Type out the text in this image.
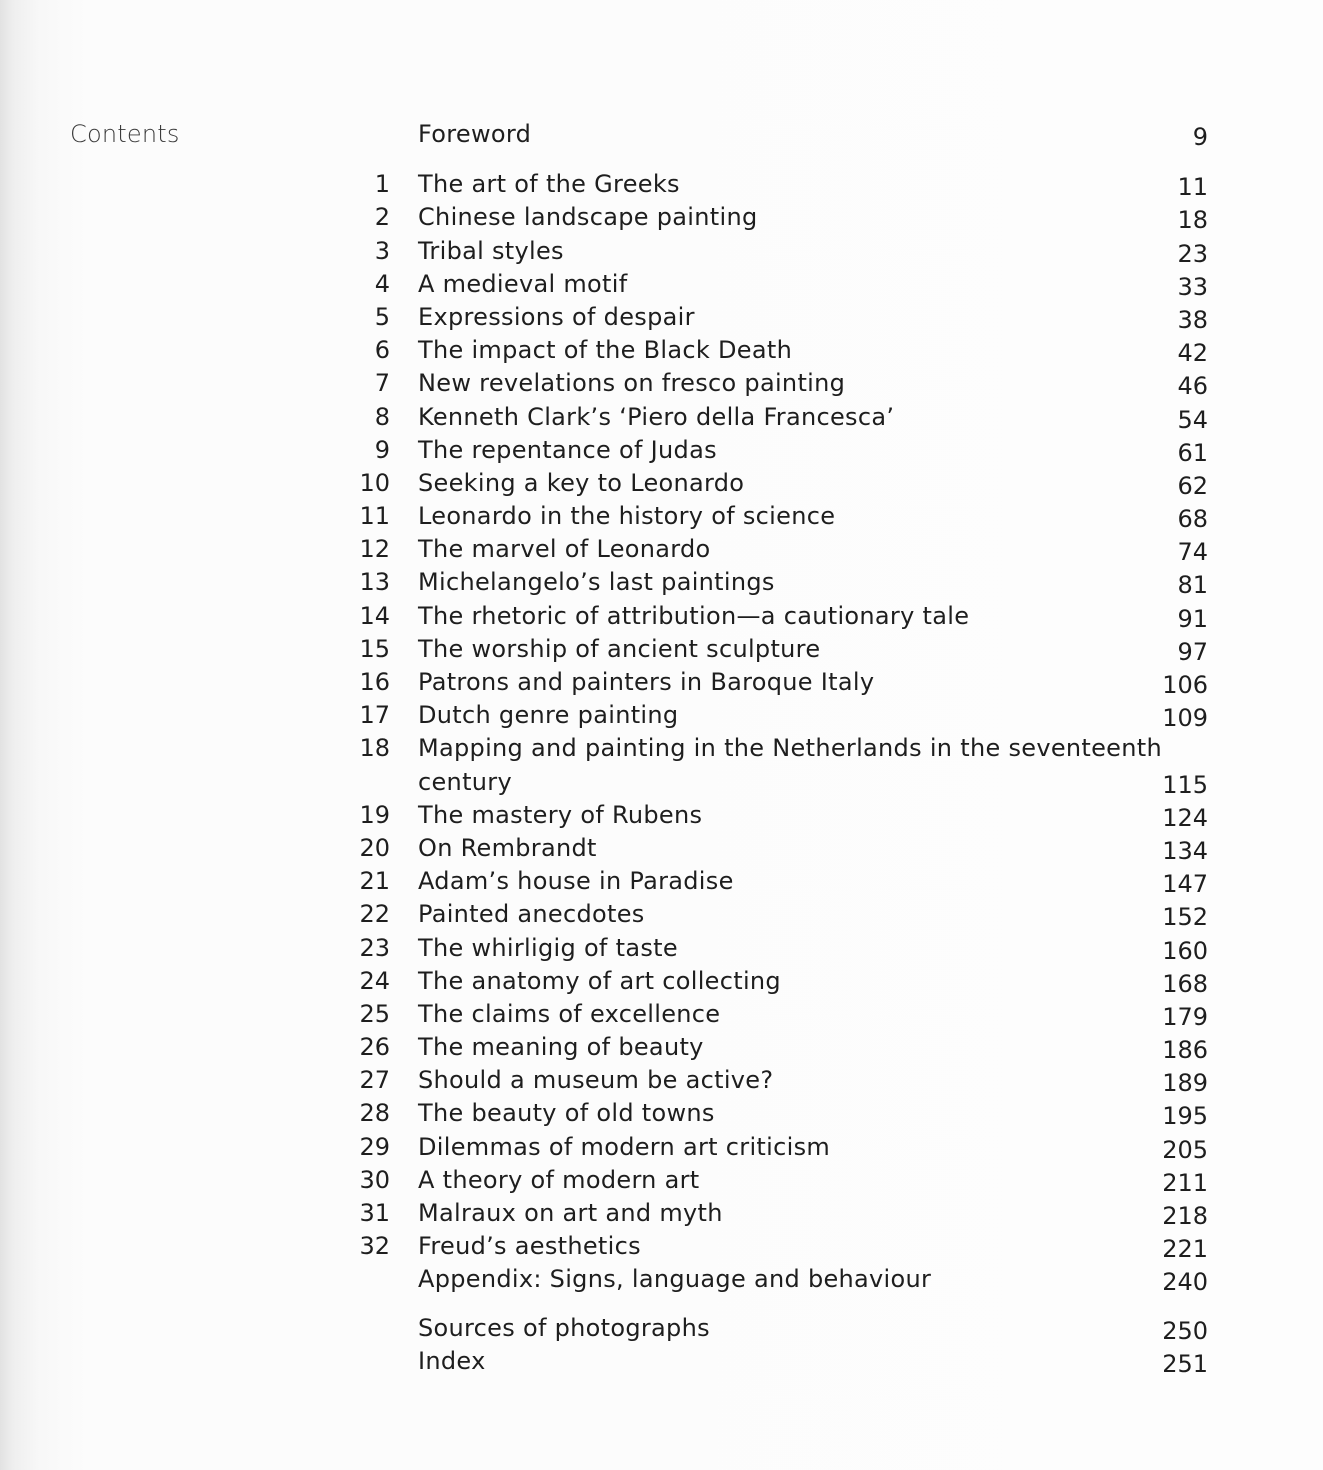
Contents	Foreword	9
1 The art of the Greeks	11
2 Chinese landscape painting	18
3 Tribal styles	23
4 A medieval motif	33
5 Expressions of despair	38
6 The impact of the Black Death	42
7 New revelations on fresco painting	46
8 Kenneth Clark’s ‘Piero della Francesca’	54
9 The repentance of Judas	61
10 Seeking a key to Leonardo	62
11 Leonardo in the history of science	68
12 The marvel of Leonardo	74
13 Michelangelo’s last paintings	81
14 The rhetoric of attribution—a cautionary tale	91
15 The worship of ancient sculpture	97
16 Patrons and painters in Baroque Italy	106
17 Dutch genre painting	109
18 Mapping and painting in the Netherlands in the seventeenth
century	115
19 The mastery of Rubens	124
20 On Rembrandt	134
21 Adam’s house in Paradise	147
22 Painted anecdotes	152
23 The whirligig of taste	160
24 The anatomy of art collecting	168
25 The claims of excellence	179
26 The meaning of beauty	186
27 Should a museum be active?	189
28 The beauty of old towns	195
29 Dilemmas of modern art criticism	205
30 A theory of modern art	211
31 Malraux on art and myth	218
32 Freud’s aesthetics	221
Appendix: Signs, language and behaviour	240
Sources of photographs	250
Index	251
